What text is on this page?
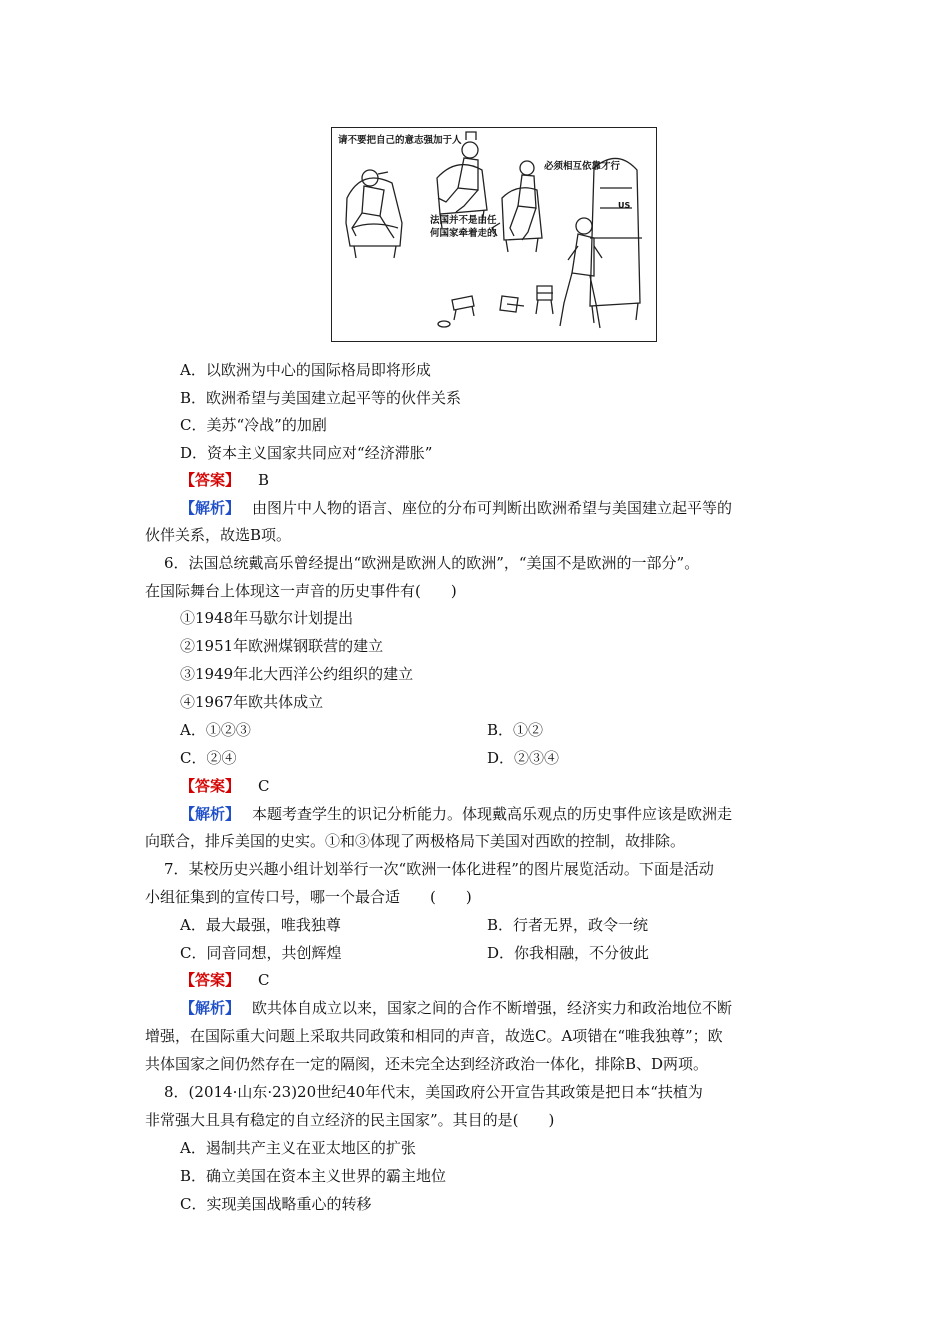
请不要把自己的意志强加于人
必须相互依靠才行
法国并不是由任
何国家牵着走的
US
A．以欧洲为中心的国际格局即将形成
B．欧洲希望与美国建立起平等的伙伴关系
C．美苏“冷战”的加剧
D．资本主义国家共同应对“经济滞胀”
【答案】 B
【解析】 由图片中人物的语言、座位的分布可判断出欧洲希望与美国建立起平等的
伙伴关系，故选B项。
6．法国总统戴高乐曾经提出“欧洲是欧洲人的欧洲”，“美国不是欧洲的一部分”。
在国际舞台上体现这一声音的历史事件有(　　)
①1948年马歇尔计划提出
②1951年欧洲煤钢联营的建立
③1949年北大西洋公约组织的建立
④1967年欧共体成立
A．①②③	B．①②
C．②④	D．②③④
【答案】 C
【解析】 本题考查学生的识记分析能力。体现戴高乐观点的历史事件应该是欧洲走
向联合，排斥美国的史实。①和③体现了两极格局下美国对西欧的控制，故排除。
7．某校历史兴趣小组计划举行一次“欧洲一体化进程”的图片展览活动。下面是活动
小组征集到的宣传口号，哪一个最合适　　(　　)
A．最大最强，唯我独尊	B．行者无界，政令一统
C．同音同想，共创辉煌	D．你我相融，不分彼此
【答案】 C
【解析】 欧共体自成立以来，国家之间的合作不断增强，经济实力和政治地位不断
增强，在国际重大问题上采取共同政策和相同的声音，故选C。A项错在“唯我独尊”；欧
共体国家之间仍然存在一定的隔阂，还未完全达到经济政治一体化，排除B、D两项。
8．(2014·山东·23)20世纪40年代末，美国政府公开宣告其政策是把日本“扶植为
非常强大且具有稳定的自立经济的民主国家”。其目的是(　　)
A．遏制共产主义在亚太地区的扩张
B．确立美国在资本主义世界的霸主地位
C．实现美国战略重心的转移
